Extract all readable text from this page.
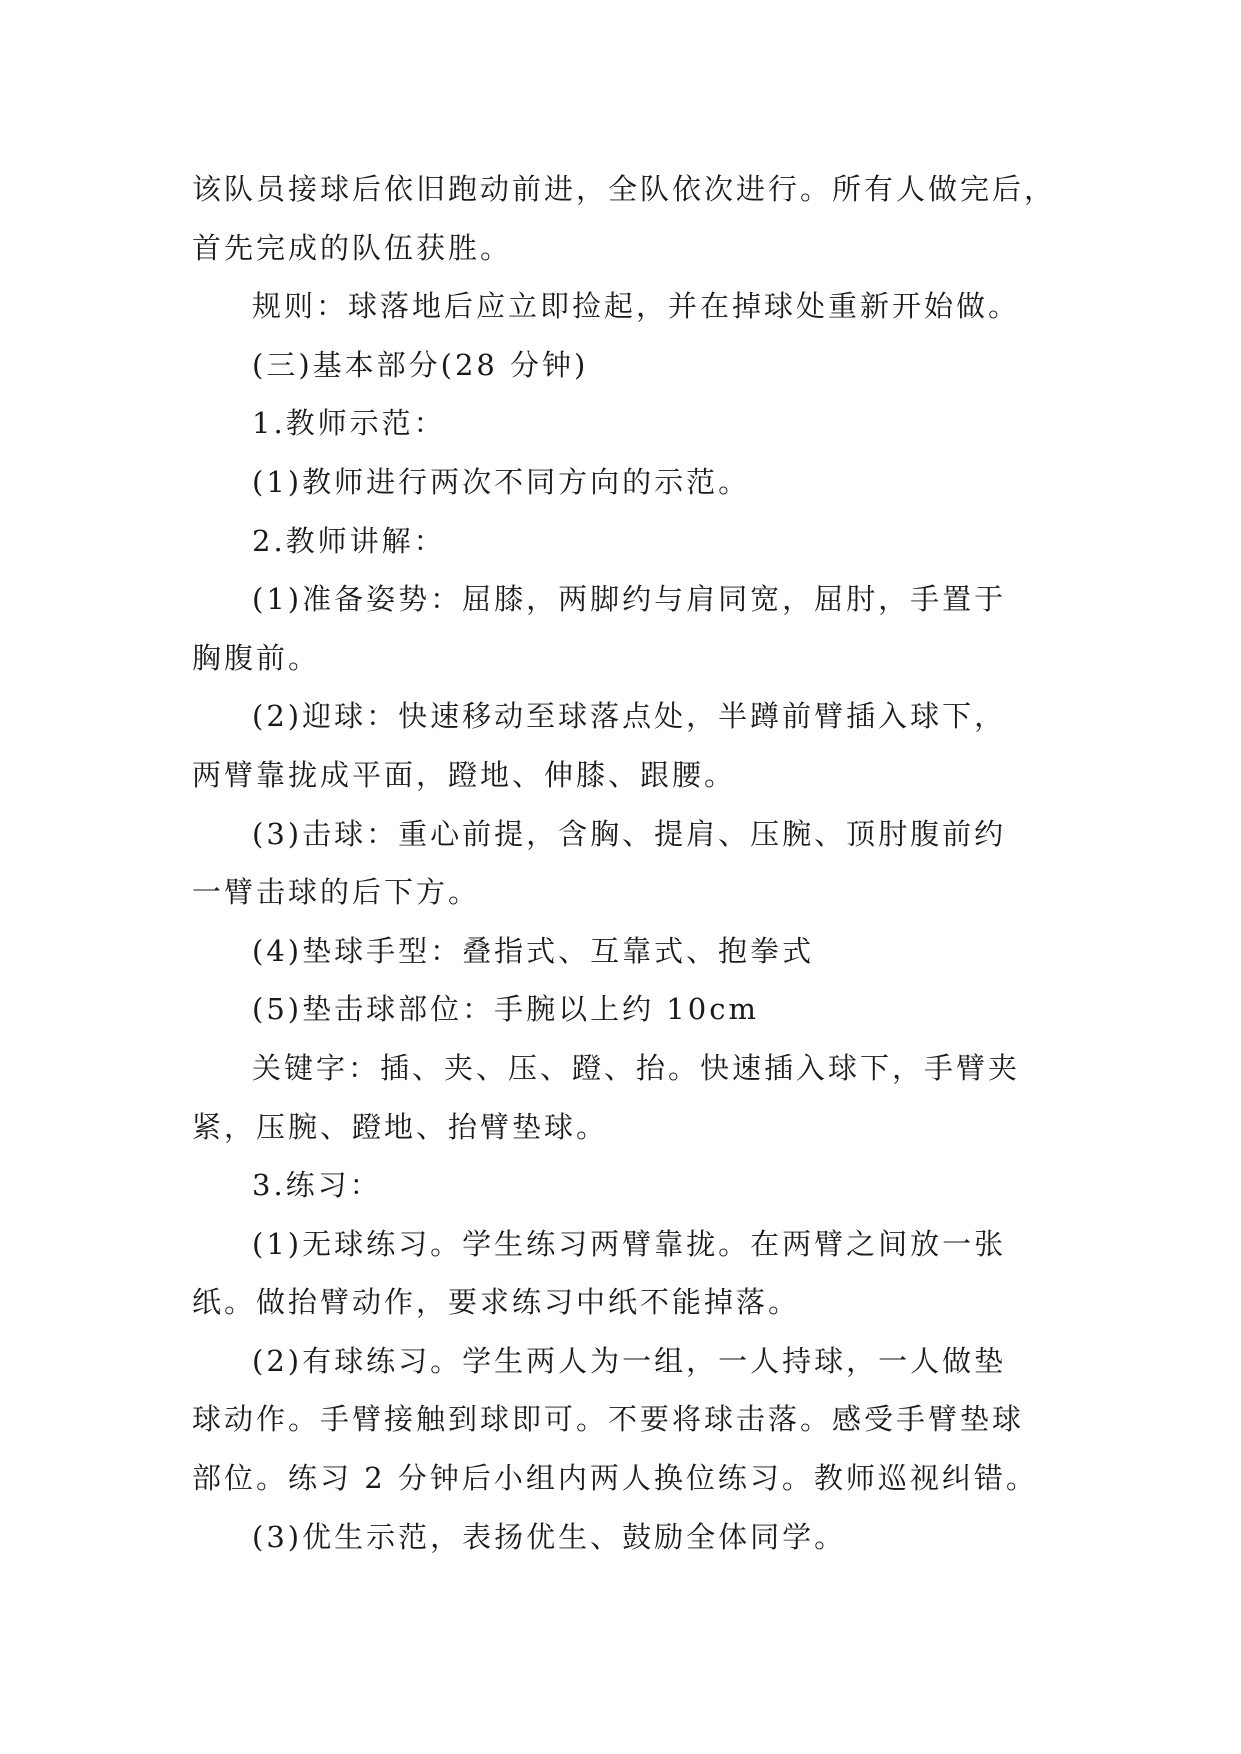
该队员接球后依旧跑动前进，全队依次进行。所有人做完后，
首先完成的队伍获胜。

规则：球落地后应立即捡起，并在掉球处重新开始做。

(三)基本部分(28 分钟)

1.教师示范：

(1)教师进行两次不同方向的示范。

2.教师讲解：

(1)准备姿势：屈膝，两脚约与肩同宽，屈肘，手置于
胸腹前。

(2)迎球：快速移动至球落点处，半蹲前臂插入球下，
两臂靠拢成平面，蹬地、伸膝、跟腰。

(3)击球：重心前提，含胸、提肩、压腕、顶肘腹前约
一臂击球的后下方。

(4)垫球手型：叠指式、互靠式、抱拳式

(5)垫击球部位：手腕以上约 10cm

关键字：插、夹、压、蹬、抬。快速插入球下，手臂夹
紧，压腕、蹬地、抬臂垫球。

3.练习：

(1)无球练习。学生练习两臂靠拢。在两臂之间放一张
纸。做抬臂动作，要求练习中纸不能掉落。

(2)有球练习。学生两人为一组，一人持球，一人做垫
球动作。手臂接触到球即可。不要将球击落。感受手臂垫球
部位。练习 2 分钟后小组内两人换位练习。教师巡视纠错。

(3)优生示范，表扬优生、鼓励全体同学。
